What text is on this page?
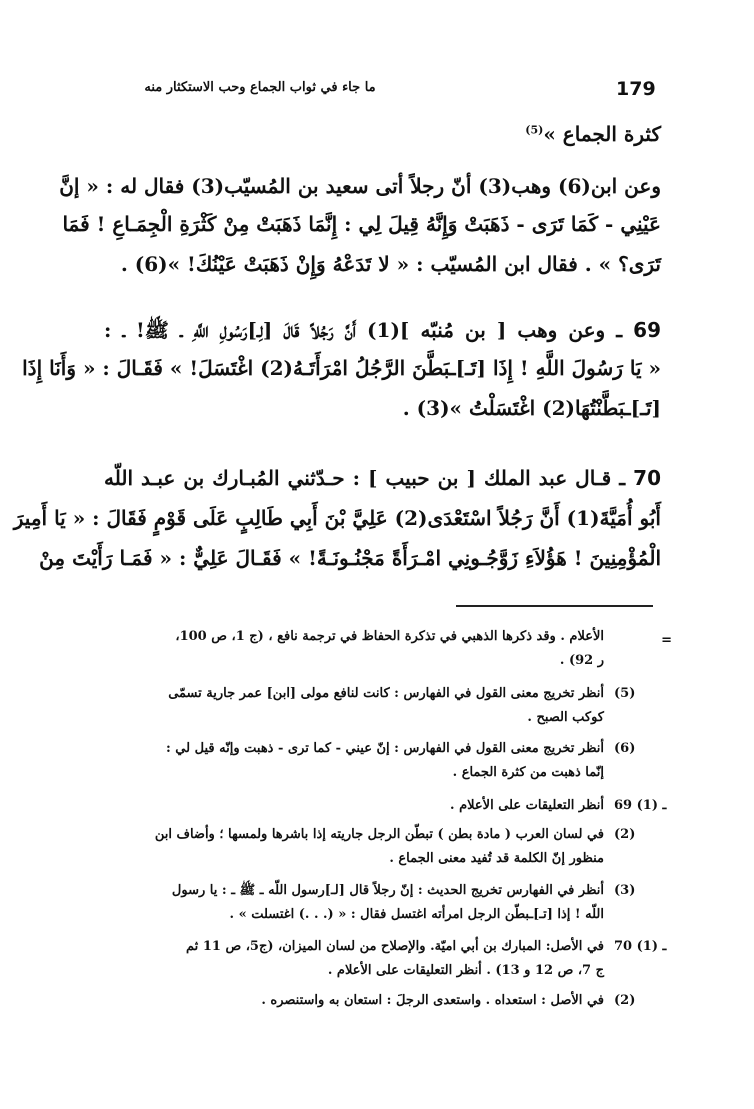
179
ما جاء في ثواب الجماع وحب الاستكثار منه
كثرة الجماع »$^{(5)}$
وعن ابن(6) وهب(3) أنّ رجلاً أتى سعيد بن المُسيّب(3) فقال له : « إنَّ
عَيْنِي - كَمَا تَرَى - ذَهَبَتْ وَإِنَّهُ قِيلَ لِي : إِنَّمَا ذَهَبَتْ مِنْ كَثْرَةِ الْجِمَـاعِ ! فَمَا
تَرَى؟ » . فقال ابن المُسيّب : « لا تَدَعْهُ وَإِنْ ذَهَبَتْ عَيْنُكَ! »(6) .
69 ـ وعن وهب [ بن مُنبّه ](1) أَنَّ رَجُلاً قَالَ [لِـ]رَسُولِ اللَّهِ ـ ﷺ! ـ :
« يَا رَسُولَ اللَّهِ ! إِذَا [تَـ]ـبَطَّنَ الرَّجُلُ امْرَأَتَـهُ(2) اغْتَسَلَ! » فَقَـالَ : « وَأَنَا إِذَا
[تَـ]ـبَطَّنْتُهَا(2) اغْتَسَلْتُ »(3) .
70 ـ قـال عبد الملك [ بن حبيب ] : حـدّثني المُبـارك بن عبـد اللّه
أَبُو أُمَيَّةَ(1) أَنَّ رَجُلاً اسْتَعْدَى(2) عَلِيَّ بْنَ أَبِي طَالِبٍ عَلَى قَوْمٍ فَقَالَ : « يَا أَمِيرَ
الْمُؤْمِنِينَ ! هَؤُلاَءِ زَوَّجُـونِي امْـرَأَةً مَجْنُـونَـةً! » فَقَـالَ عَلِيٌّ : « فَمَـا رَأَيْتَ مِنْ
=
الأعلام . وقد ذكرها الذهبي في تذكرة الحفاظ في ترجمة نافع ، (ج 1، ص 100،
ر 92) .
(5)
أنظر تخريج معنى القول في الفهارس : كانت لنافع مولى [ابن] عمر جارية تسمّى
كوكب الصبح .
(6)
أنظر تخريج معنى القول في الفهارس : إنّ عيني - كما ترى - ذهبت وإنّه قيل لي :
إنّما ذهبت من كثرة الجماع .
69 ـ (1)
أنظر التعليقات على الأعلام .
(2)
في لسان العرب ( مادة بطن ) تبطّن الرجل جاريته إذا باشرها ولمسها ؛ وأضاف ابن
منظور إنّ الكلمة قد تُفيد معنى الجماع .
(3)
أنظر في الفهارس تخريج الحديث : إنّ رجلاً قال [لـ]رسول اللّه ـ ﷺ ـ : يا رسول
اللّه ! إذا [تـ]ـبطّن الرجل امرأته اغتسل فقال : « (. . .) اغتسلت » .
70 ـ (1)
في الأصل: المبارك بن أبي اميّة. والإصلاح من لسان الميزان، (ج5، ص 11 ثم
ج 7، ص 12 و 13) . أنظر التعليقات على الأعلام .
(2)
في الأصل : استعداه . واستعدى الرجلَ : استعان به واستنصره .
